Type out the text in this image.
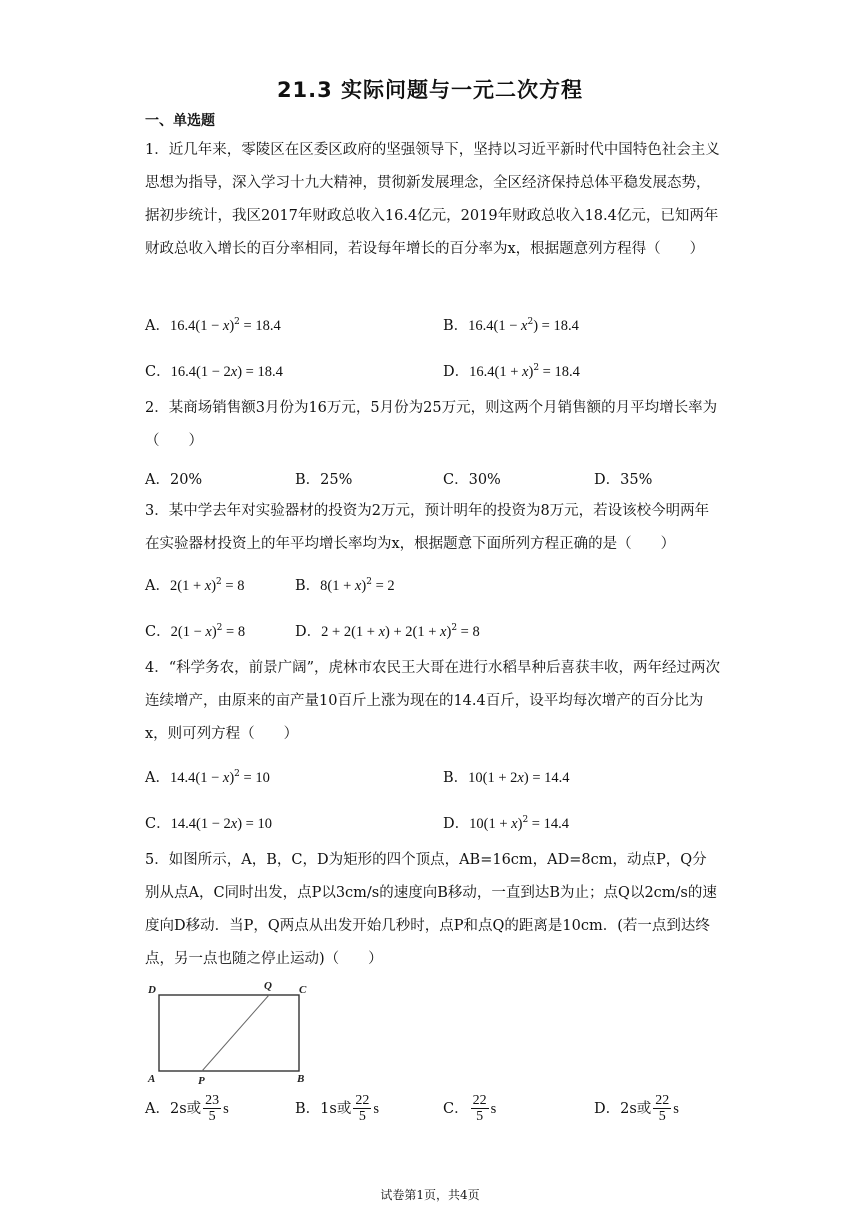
21.3 实际问题与一元二次方程
一、单选题
1．近几年来，零陵区在区委区政府的坚强领导下，坚持以习近平新时代中国特色社会主义思想为指导，深入学习十九大精神，贯彻新发展理念，全区经济保持总体平稳发展态势，据初步统计，我区2017年财政总收入16.4亿元，2019年财政总收入18.4亿元，已知两年财政总收入增长的百分率相同，若设每年增长的百分率为x，根据题意列方程得（　　）
A．$16.4(1 - x)^2 = 18.4$	B．$16.4(1 - x^2) = 18.4$
C．16.4(1 − 2x) = 18.4	D．$16.4(1 + x)^2 = 18.4$
2．某商场销售额3月份为16万元，5月份为25万元，则这两个月销售额的月平均增长率为（　　）
A．20%	B．25%	C．30%	D．35%
3．某中学去年对实验器材的投资为2万元，预计明年的投资为8万元，若设该校今明两年在实验器材投资上的年平均增长率均为x，根据题意下面所列方程正确的是（　　）
A．$2(1 + x)^2 = 8$	B．$8(1 + x)^2 = 2$
C．$2(1 - x)^2 = 8$	D．$2 + 2(1 + x) + 2(1 + x)^2 = 8$
4．“科学务农，前景广阔”，虎林市农民王大哥在进行水稻旱种后喜获丰收，两年经过两次连续增产，由原来的亩产量10百斤上涨为现在的14.4百斤，设平均每次增产的百分比为x，则可列方程（　　）
A．$14.4(1 - x)^2 = 10$	B．10(1 + 2x) = 14.4
C．14.4(1 − 2x) = 10	D．$10(1 + x)^2 = 14.4$
5．如图所示，A，B，C，D为矩形的四个顶点，AB=16cm，AD=8cm，动点P，Q分别从点A，C同时出发，点P以3cm/s的速度向B移动，一直到达B为止；点Q以2cm/s的速度向D移动．当P，Q两点从出发开始几秒时，点P和点Q的距离是10cm．(若一点到达终点，另一点也随之停止运动)（　　）
D	Q C
A	P	B
A．2s或 $\frac{23}{5}$ s	B．1s或 $\frac{22}{5}$ s	C． $\frac{22}{5}$ s	D．2s或 $\frac{22}{5}$ s
试卷第1页，共4页
